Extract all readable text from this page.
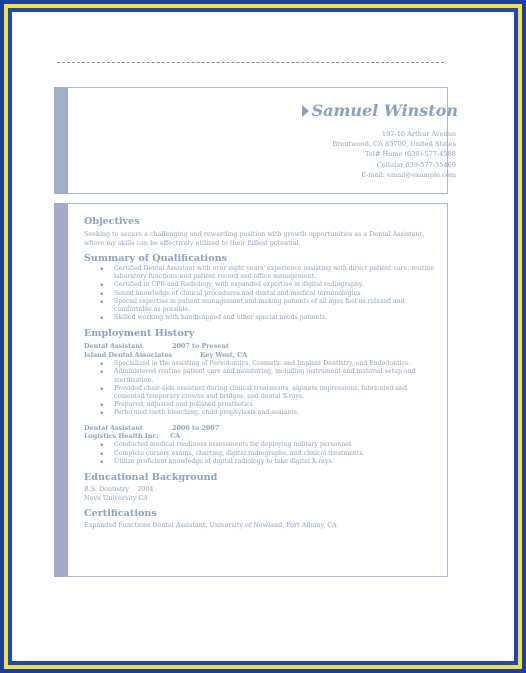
Samuel Winston
197-16 Arthur Avenue
Brentwood, CA 85700, United States
Tel# Home (639)-577-4588
Cellular 639-577-35469
E-mail: email@example.com
Objectives

Seeking to secure a challenging and rewarding position with growth opportunities as a Dental Assistant, where my skills can be effectively utilized to their fullest potential.

Summary of Qualifications
▪ Certified Dental Assistant with over eight years' experience assisting with direct patient care, routine laboratory functions and patient record and office management.
▪ Certified in CPR and Radiology, with expanded expertise in digital radiography.
▪ Sound knowledge of clinical procedures and dental and medical terminologies.
▪ Special expertise in patient management and making patients of all ages feel as relaxed and comfortable as possible.
▪ Skilled working with handicapped and other special needs patients.
Employment History
Dental Assistant	2007 to Present
Island Dental Associates	Key West, CA
▪ Specialized in the assisting of Periodontics, Cosmetic and Implant Dentistry, and Endodontics.
▪ Administered routine patient care and monitoring, including instrument and material setup and sterilization.
▪ Provided chair-side assistant during clinical treatments, alginate impressions, fabricated and cemented temporary crowns and bridges, and dental X-rays.
▪ Prepared, adjusted and polished prosthetics
▪ Performed tooth bleaching, child prophylaxis and sealants.
Dental Assistant	2006 to 2007
Logistics Health Inc. CA
▪ Conducted medical readiness assessments for deploying military personnel.
▪ Complete cursory exams, charting, digital radiographs, and clinical treatments.
▪ Utilize proficient knowledge of digital radiology to take digital X-rays.
Educational Background
B.S. Dentistry    2004
Nova University CA
Certifications

Expanded Functions Dental Assistant, University of Newland, Port Albany, CA
